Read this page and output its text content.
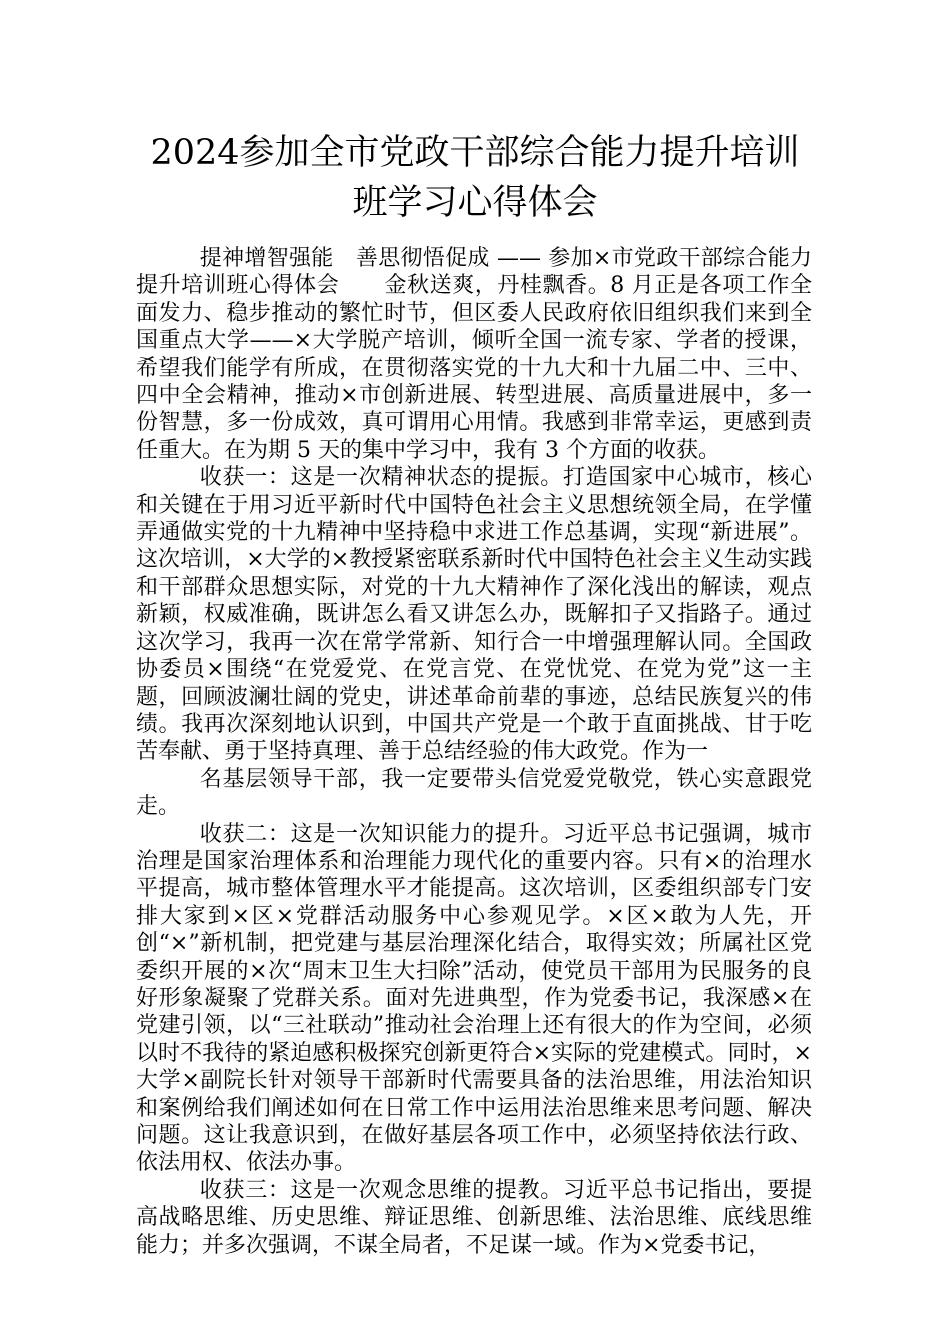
2024参加全市党政干部综合能力提升培训
班学习心得体会

提神增智强能　善思彻悟促成 —— 参加×市党政干部综合能力提升培训班心得体会　　金秋送爽，丹桂飘香。8 月正是各项工作全面发力、稳步推动的繁忙时节，但区委人民政府依旧组织我们来到全国重点大学——×大学脱产培训，倾听全国一流专家、学者的授课，希望我们能学有所成，在贯彻落实党的十九大和十九届二中、三中、四中全会精神，推动×市创新进展、转型进展、高质量进展中，多一份智慧，多一份成效，真可谓用心用情。我感到非常幸运，更感到责任重大。在为期 5 天的集中学习中，我有 3 个方面的收获。

收获一：这是一次精神状态的提振。打造国家中心城市，核心和关键在于用习近平新时代中国特色社会主义思想统领全局，在学懂弄通做实党的十九精神中坚持稳中求进工作总基调，实现“新进展”。这次培训，×大学的×教授紧密联系新时代中国特色社会主义生动实践和干部群众思想实际，对党的十九大精神作了深化浅出的解读，观点新颖，权威准确，既讲怎么看又讲怎么办，既解扣子又指路子。通过这次学习，我再一次在常学常新、知行合一中增强理解认同。全国政协委员×围绕“在党爱党、在党言党、在党忧党、在党为党”这一主题，回顾波澜壮阔的党史，讲述革命前辈的事迹，总结民族复兴的伟绩。我再次深刻地认识到，中国共产党是一个敢于直面挑战、甘于吃苦奉献、勇于坚持真理、善于总结经验的伟大政党。作为一

名基层领导干部，我一定要带头信党爱党敬党，铁心实意跟党走。

收获二：这是一次知识能力的提升。习近平总书记强调，城市治理是国家治理体系和治理能力现代化的重要内容。只有×的治理水平提高，城市整体管理水平才能提高。这次培训，区委组织部专门安排大家到×区×党群活动服务中心参观见学。×区×敢为人先，开创“×”新机制，把党建与基层治理深化结合，取得实效；所属社区党委织开展的×次“周末卫生大扫除”活动，使党员干部用为民服务的良好形象凝聚了党群关系。面对先进典型，作为党委书记，我深感×在党建引领，以“三社联动”推动社会治理上还有很大的作为空间，必须以时不我待的紧迫感积极探究创新更符合×实际的党建模式。同时，×大学×副院长针对领导干部新时代需要具备的法治思维，用法治知识和案例给我们阐述如何在日常工作中运用法治思维来思考问题、解决问题。这让我意识到，在做好基层各项工作中，必须坚持依法行政、依法用权、依法办事。

收获三：这是一次观念思维的提教。习近平总书记指出，要提高战略思维、历史思维、辩证思维、创新思维、法治思维、底线思维能力；并多次强调，不谋全局者，不足谋一域。作为×党委书记，
